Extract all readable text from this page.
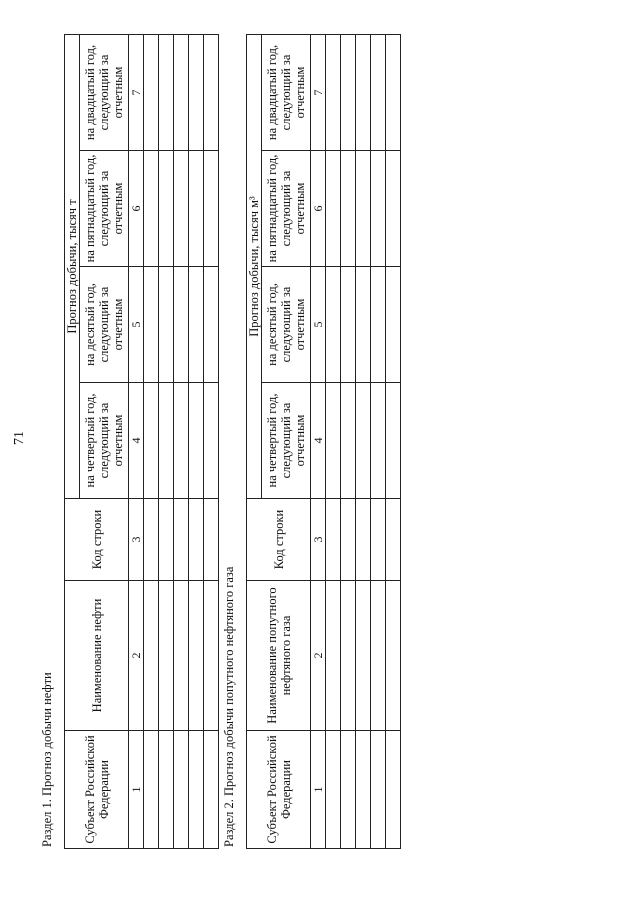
71
Раздел 1. Прогноз добычи нефти Субъект Российской Федерации	Наименование нефти	Код строки	Прогноз добычи, тысяч т			
			на четвертый год, следующий за отчетным	на десятый год, следующий за отчетным	на пятнадцатый год, следующий за отчетным	на двадцатый год, следующий за отчетным
1	2	3	4	5	6	7

Раздел 2. Прогноз добычи попутного нефтяного газа Субъект Российской Федерации	Наименование попутного нефтяного газа	Код строки	Прогноз добычи, тысяч м³			
			на четвертый год, следующий за отчетным	на десятый год, следующий за отчетным	на пятнадцатый год, следующий за отчетным	на двадцатый год, следующий за отчетным
1	2	3	4	5	6	7
